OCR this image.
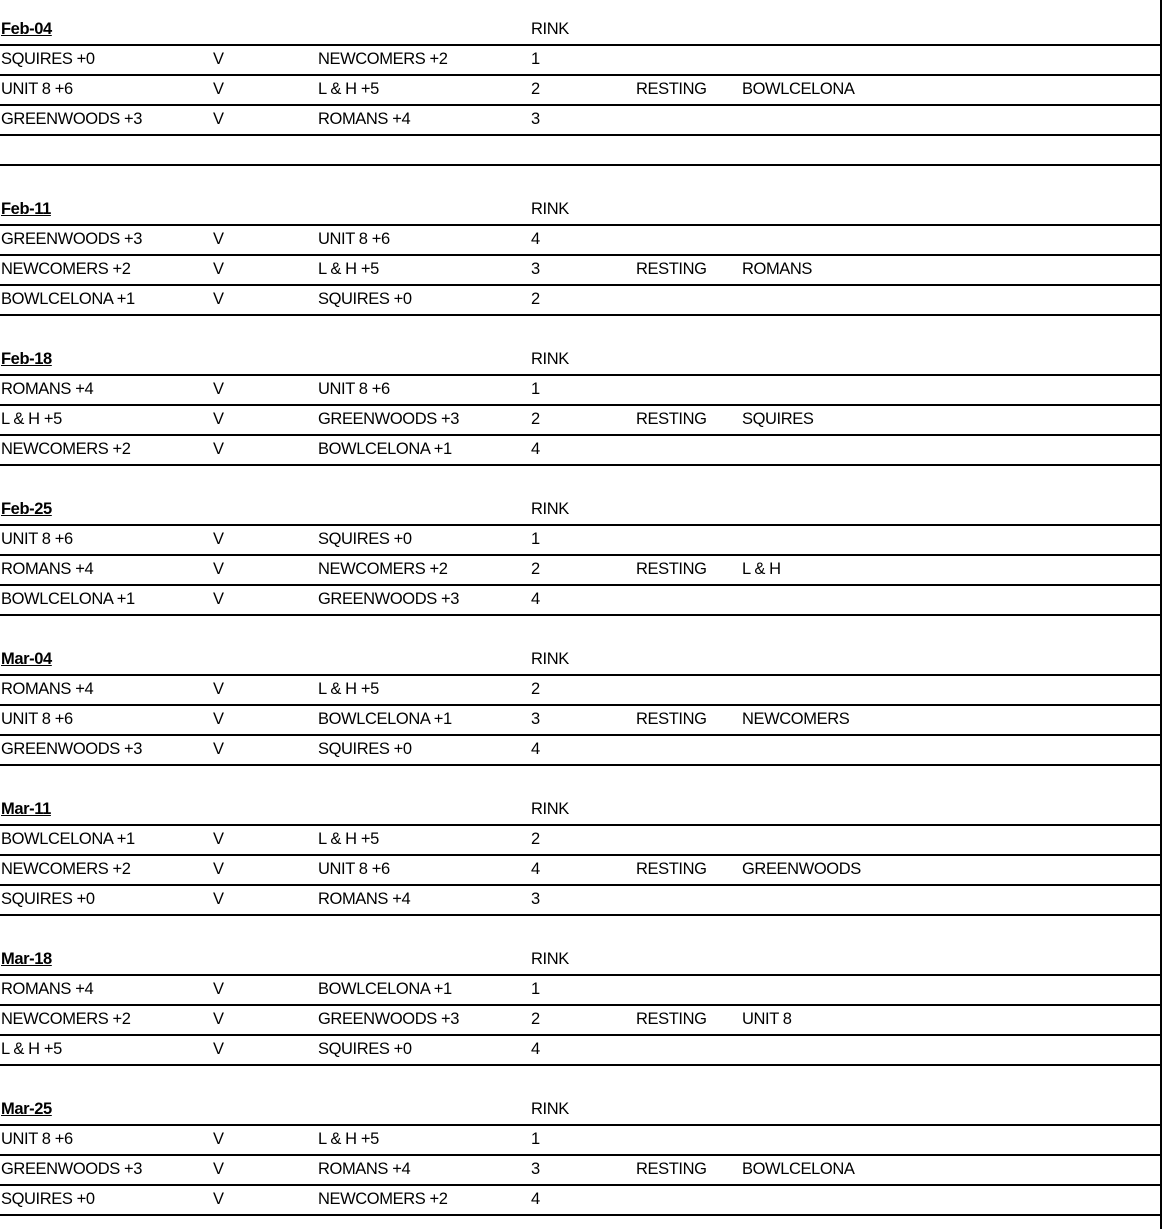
Feb-04	RINK
SQUIRES +0	V	NEWCOMERS +2	1
UNIT 8 +6	V	L & H +5	2	RESTING BOWLCELONA
GREENWOODS +3	V	ROMANS +4	3
Feb-11	RINK
GREENWOODS +3	V	UNIT 8 +6	4
NEWCOMERS +2	V	L & H +5	3	RESTING ROMANS
BOWLCELONA +1	V	SQUIRES +0	2
Feb-18	RINK
ROMANS +4	V	UNIT 8 +6	1
L & H +5	V	GREENWOODS +3	2	RESTING SQUIRES
NEWCOMERS +2	V	BOWLCELONA +1	4
Feb-25	RINK
UNIT 8 +6	V	SQUIRES +0	1
ROMANS +4	V	NEWCOMERS +2	2	RESTING L & H
BOWLCELONA +1	V	GREENWOODS +3	4
Mar-04	RINK
ROMANS +4	V	L & H +5	2
UNIT 8 +6	V	BOWLCELONA +1	3	RESTING NEWCOMERS
GREENWOODS +3	V	SQUIRES +0	4
Mar-11	RINK
BOWLCELONA +1	V	L & H +5	2
NEWCOMERS +2	V	UNIT 8 +6	4	RESTING GREENWOODS
SQUIRES +0	V	ROMANS +4	3
Mar-18	RINK
ROMANS +4	V	BOWLCELONA +1	1
NEWCOMERS +2	V	GREENWOODS +3	2	RESTING UNIT 8
L & H +5	V	SQUIRES +0	4
Mar-25	RINK
UNIT 8 +6	V	L & H +5	1
GREENWOODS +3	V	ROMANS +4	3	RESTING BOWLCELONA
SQUIRES +0	V	NEWCOMERS +2	4
